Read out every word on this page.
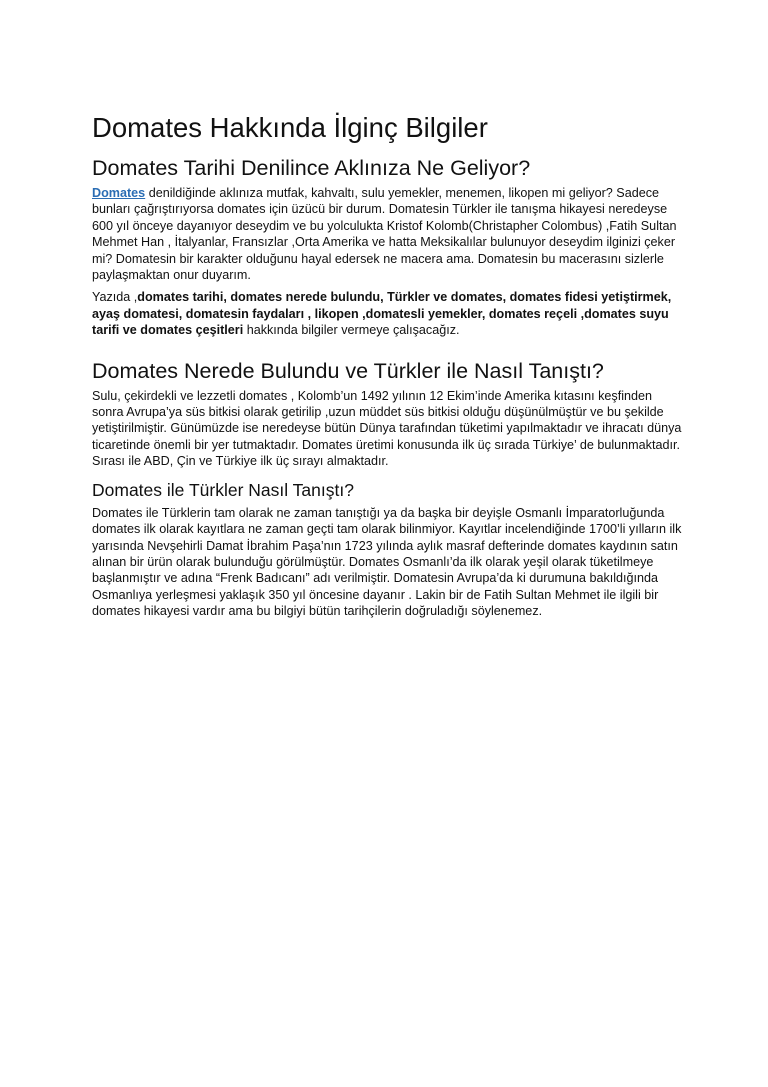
Domates Hakkında İlginç Bilgiler
Domates Tarihi Denilince Aklınıza Ne Geliyor?

Domates denildiğinde aklınıza mutfak, kahvaltı, sulu yemekler, menemen, likopen mi geliyor? Sadece bunları çağrıştırıyorsa domates için üzücü bir durum. Domatesin Türkler ile tanışma hikayesi neredeyse 600 yıl önceye dayanıyor deseydim ve bu yolculukta Kristof Kolomb(Christapher Colombus) ,Fatih Sultan Mehmet Han , İtalyanlar, Fransızlar ,Orta Amerika ve hatta Meksikalılar bulunuyor deseydim ilginizi çeker mi? Domatesin bir karakter olduğunu hayal edersek ne macera ama. Domatesin bu macerasını sizlerle paylaşmaktan onur duyarım.

Yazıda ,domates tarihi, domates nerede bulundu, Türkler ve domates, domates fidesi yetiştirmek, ayaş domatesi, domatesin faydaları , likopen ,domatesli yemekler, domates reçeli ,domates suyu tarifi ve domates çeşitleri hakkında bilgiler vermeye çalışacağız.

Domates Nerede Bulundu ve Türkler ile Nasıl Tanıştı?

Sulu, çekirdekli ve lezzetli domates , Kolomb’un 1492 yılının 12 Ekim’inde Amerika kıtasını keşfinden sonra Avrupa’ya süs bitkisi olarak getirilip ,uzun müddet süs bitkisi olduğu düşünülmüştür ve bu şekilde yetiştirilmiştir. Günümüzde ise neredeyse bütün Dünya tarafından tüketimi yapılmaktadır ve ihracatı dünya ticaretinde önemli bir yer tutmaktadır. Domates üretimi konusunda ilk üç sırada Türkiye’ de bulunmaktadır. Sırası ile ABD, Çin ve Türkiye ilk üç sırayı almaktadır.

Domates ile Türkler Nasıl Tanıştı?

Domates ile Türklerin tam olarak ne zaman tanıştığı ya da başka bir deyişle Osmanlı İmparatorluğunda domates ilk olarak kayıtlara ne zaman geçti tam olarak bilinmiyor. Kayıtlar incelendiğinde 1700’li yılların ilk yarısında Nevşehirli Damat İbrahim Paşa’nın 1723 yılında aylık masraf defterinde domates kaydının satın alınan bir ürün olarak bulunduğu görülmüştür. Domates Osmanlı’da ilk olarak yeşil olarak tüketilmeye başlanmıştır ve adına “Frenk Badıcanı” adı verilmiştir. Domatesin Avrupa’da ki durumuna bakıldığında Osmanlıya yerleşmesi yaklaşık 350 yıl öncesine dayanır . Lakin bir de Fatih Sultan Mehmet ile ilgili bir domates hikayesi vardır ama bu bilgiyi bütün tarihçilerin doğruladığı söylenemez.
